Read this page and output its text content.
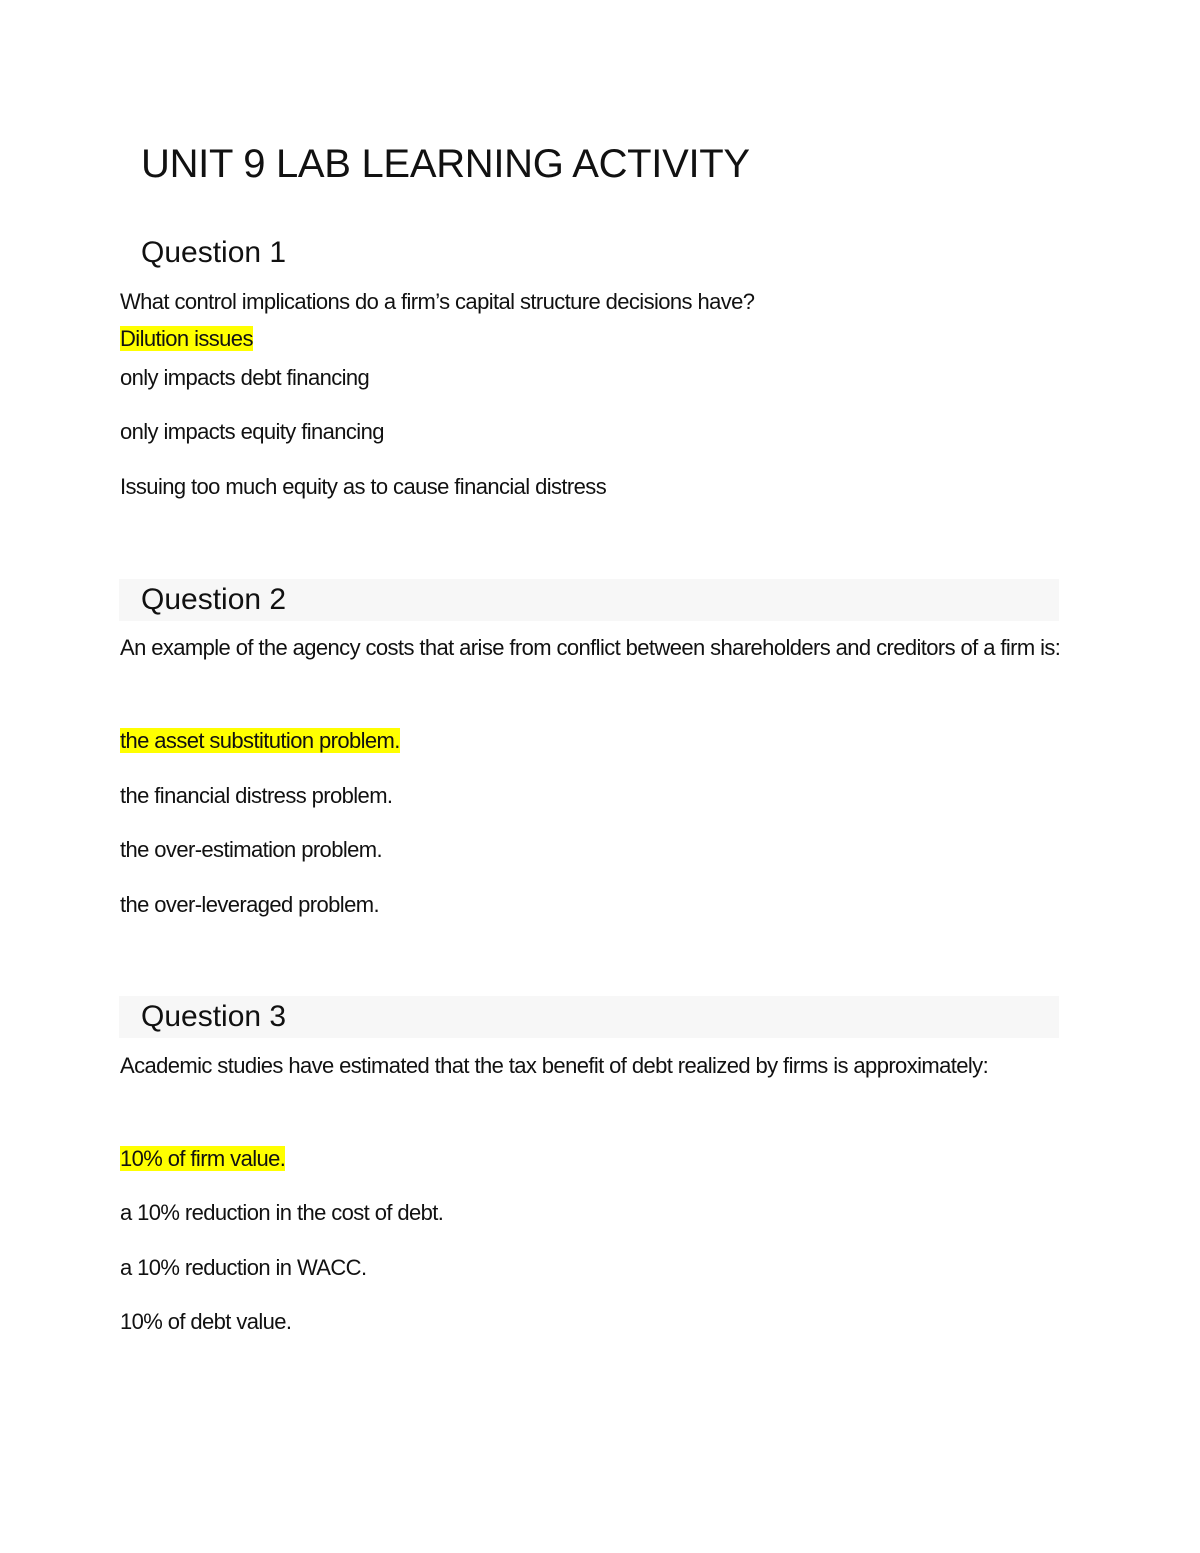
UNIT 9 LAB LEARNING ACTIVITY
Question 1

What control implications do a firm’s capital structure decisions have?

Dilution issues

only impacts debt financing

only impacts equity financing

Issuing too much equity as to cause financial distress

Question 2

An example of the agency costs that arise from conflict between shareholders and creditors of a firm is:

the asset substitution problem.

the financial distress problem.

the over-estimation problem.

the over-leveraged problem.

Question 3

Academic studies have estimated that the tax benefit of debt realized by firms is approximately:

10% of firm value.

a 10% reduction in the cost of debt.

a 10% reduction in WACC.

10% of debt value.
